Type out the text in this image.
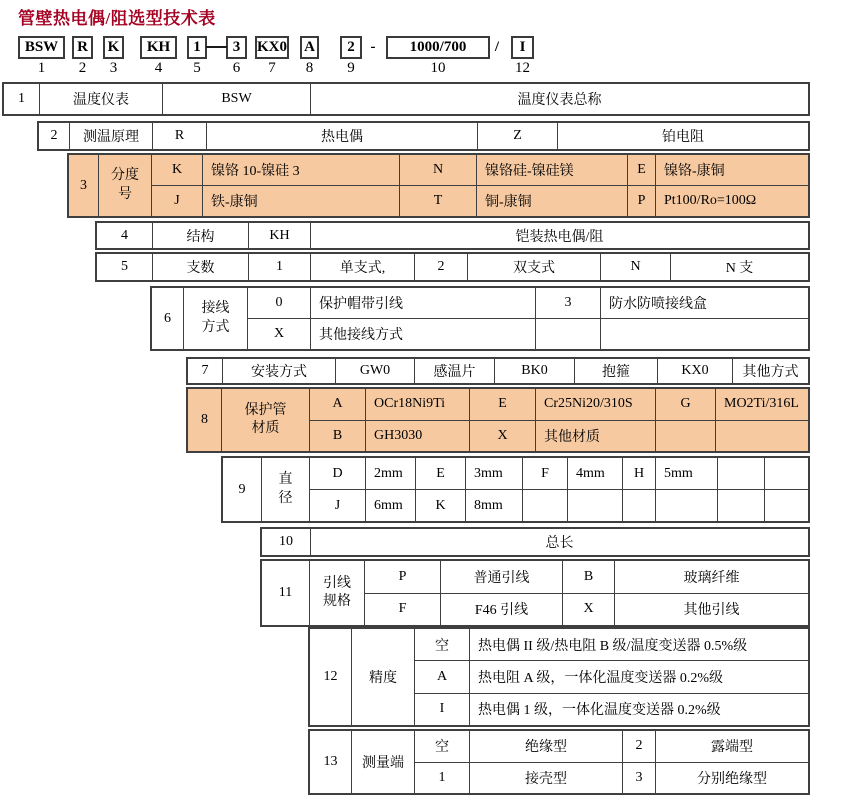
管壁热电偶/阻选型技术表
BSW
1
R
2
K
3
KH
4
1
5
3
6
KX0
7
A
8
2
9
1000/700
10
I
12
-	/
1	温度仪表	BSW	温度仪表总称
2 测温原理	R	热电偶	Z	铂电阻
3
分度号
K 镍铬 10-镍硅 3	N	镍铬硅-镍硅镁	E 镍铬-康铜
J 铁-康铜	T	铜-康铜	P Pt100/Ro=100Ω
4	结构	KH	铠装热电偶/阻
5	支数	1	单支式,	2	双支式	N	N 支
6
接线方式
0	保护帽带引线	3	防水防喷接线盒
X 其他接线方式
7	安装方式	GW0	感温片	BK0	抱箍	KX0 其他方式
8
保护管材质
A OCr18Ni9Ti	E	Cr25Ni20/310S	G MO2Ti/316L
B GH3030	X	其他材质
9
直径
D 2mm E 3mm	F 4mm H 5mm
J 6mm K 8mm
10	总长
11
引线规格
P	普通引线	B	玻璃纤维
F	F46 引线	X	其他引线
12 精度
空 热电偶 II 级/热电阻 B 级/温度变送器 0.5%级
A 热电阻 A 级，一体化温度变送器 0.2%级
I 热电偶 1 级，一体化温度变送器 0.2%级
13 测量端
空	绝缘型	2	露端型
1	接壳型	3	分别绝缘型
